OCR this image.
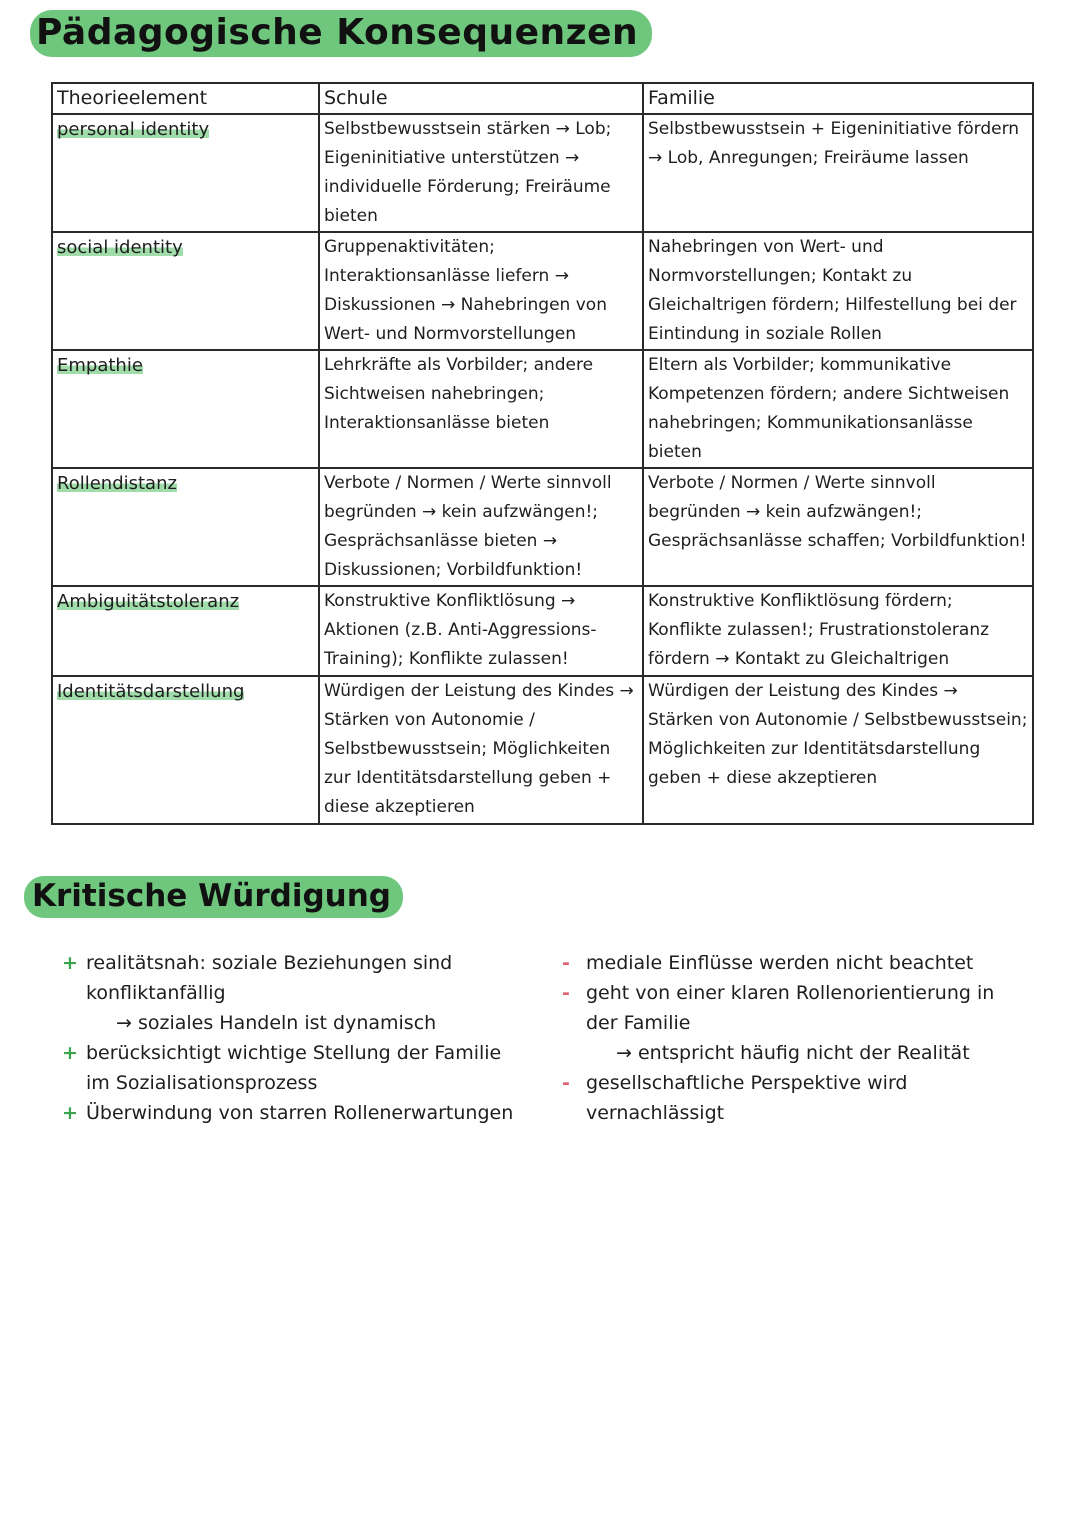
Pädagogische Konsequenzen
Theorieelement	Schule	Familie
personal identity	Selbstbewusstsein stärken → Lob; Eigeninitiative unterstützen → individuelle Förderung; Freiräume bieten	Selbstbewusstsein + Eigeninitiative fördern → Lob, Anregungen; Freiräume lassen
social identity	Gruppenaktivitäten; Interaktionsanlässe liefern → Diskussionen → Nahebringen von Wert- und Normvorstellungen	Nahebringen von Wert- und Normvorstellungen; Kontakt zu Gleichaltrigen fördern; Hilfestellung bei der Eintindung in soziale Rollen
Empathie	Lehrkräfte als Vorbilder; andere Sichtweisen nahebringen; Interaktionsanlässe bieten	Eltern als Vorbilder; kommunikative Kompetenzen fördern; andere Sichtweisen nahebringen; Kommunikationsanlässe bieten
Rollendistanz	Verbote / Normen / Werte sinnvoll begründen → kein aufzwängen!; Gesprächsanlässe bieten → Diskussionen; Vorbildfunktion!	Verbote / Normen / Werte sinnvoll begründen → kein aufzwängen!; Gesprächsanlässe schaffen; Vorbildfunktion!
Ambiguitätstoleranz	Konstruktive Konfliktlösung → Aktionen (z.B. Anti-Aggressions-Training); Konflikte zulassen!	Konstruktive Konfliktlösung fördern; Konflikte zulassen!; Frustrationstoleranz fördern → Kontakt zu Gleichaltrigen
Identitätsdarstellung	Würdigen der Leistung des Kindes → Stärken von Autonomie / Selbstbewusstsein; Möglichkeiten zur Identitätsdarstellung geben + diese akzeptieren	Würdigen der Leistung des Kindes → Stärken von Autonomie / Selbstbewusstsein; Möglichkeiten zur Identitätsdarstellung geben + diese akzeptieren
Kritische Würdigung
+ realitätsnah: soziale Beziehungen sind konfliktanfällig
→ soziales Handeln ist dynamisch
+ berücksichtigt wichtige Stellung der Familie im Sozialisationsprozess
+ Überwindung von starren Rollenerwartungen
- mediale Einflüsse werden nicht beachtet
- geht von einer klaren Rollenorientierung in der Familie
→ entspricht häufig nicht der Realität
- gesellschaftliche Perspektive wird vernachlässigt
